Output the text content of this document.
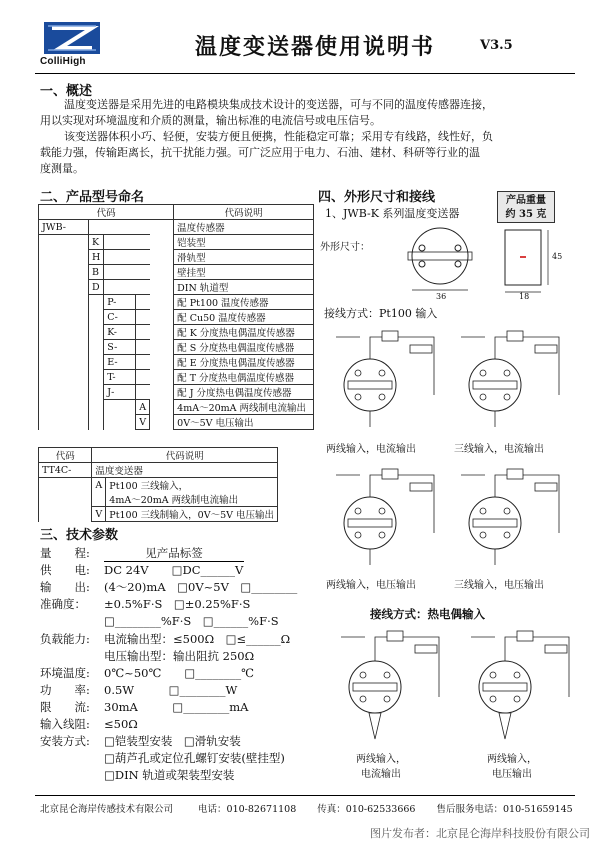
ColliHigh
温度变送器使用说明书	V3.5
一、概述
温度变送器是采用先进的电路模块集成技术设计的变送器，可与不同的温度传感器连接，
用以实现对环境温度和介质的测量，输出标准的电流信号或电压信号。
该变送器体积小巧、轻便，安装方便且便携，性能稳定可靠；采用专有线路，线性好，负
载能力强，传输距离长，抗干扰能力强。可广泛应用于电力、石油、建材、科研等行业的温
度测量。
二、产品型号命名
代码					代码说明
JWB-					温度传感器
	K				铠装型
	H				滑轨型
	B				壁挂型
	D				DIN 轨道型
		P-			配 Pt100 温度传感器
		C-			配 Cu50 温度传感器
		K-			配 K 分度热电偶温度传感器
		S-			配 S 分度热电偶温度传感器
		E-			配 E 分度热电偶温度传感器
		T-			配 T 分度热电偶温度传感器
		J-			配 J 分度热电偶温度传感器
			A		4mA～20mA 两线制电流输出
			V		0V～5V 电压输出
代码	代码说明	
TT4C-	温度变送器	
	A	Pt100 三线输入，
		4mA～20mA 两线制电流输出
	V	Pt100 三线制输入，0V～5V 电压输出
三、技术参数
量　　程:	见产品标签
供　　电: DC 24V　　□DC______V
输　　出: (4～20)mA　□0V~5V　□________
准确度： ±0.5%F·S　□±0.25%F·S
□________%F·S　□______%F·S
负载能力: 电流输出型：≤500Ω　□≤______Ω
电压输出型：输出阻抗 250Ω
环境温度: 0℃~50℃　　□________℃
功　　率: 0.5W　　　□________W
限　　流: 30mA　　　□________mA
输入线阻: ≤50Ω
安装方式: □铠装型安装　□滑轨安装
□葫芦孔或定位孔螺钉安装(壁挂型)
□DIN 轨道或架装型安装
四、外形尺寸和接线
1、JWB-K 系列温度变送器
产品重量
约 35 克
外形尺寸：
36	18
45
接线方式：Pt100 输入
两线输入，电流输出	三线输入，电流输出
两线输入，电压输出	三线输入，电压输出
接线方式：热电偶输入
两线输入，
电流输出
两线输入，
电压输出
北京昆仑海岸传感技术有限公司	电话：010-82671108 传真：010-62533666 售后服务电话：010-51659145
图片发布者：北京昆仑海岸科技股份有限公司
